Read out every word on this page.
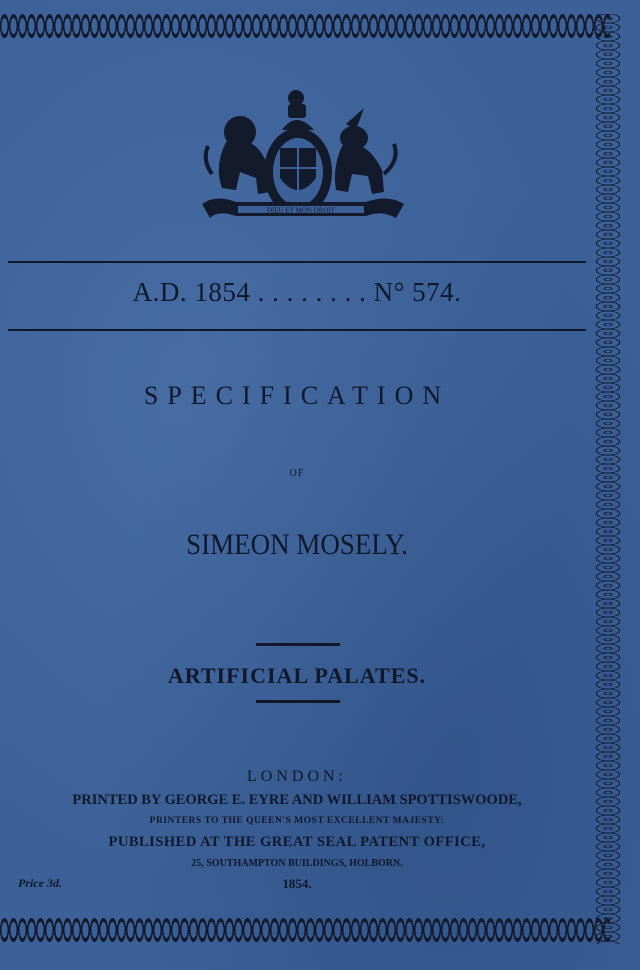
DIEU ET MON DROIT
A.D. 1854 . . . . . . . . N° 574.
SPECIFICATION
OF
SIMEON MOSELY.
ARTIFICIAL PALATES.
LONDON:
PRINTED BY GEORGE E. EYRE AND WILLIAM SPOTTISWOODE,
PRINTERS TO THE QUEEN'S MOST EXCELLENT MAJESTY:
PUBLISHED AT THE GREAT SEAL PATENT OFFICE,
25, SOUTHAMPTON BUILDINGS, HOLBORN.
Price 3d.	1854.
